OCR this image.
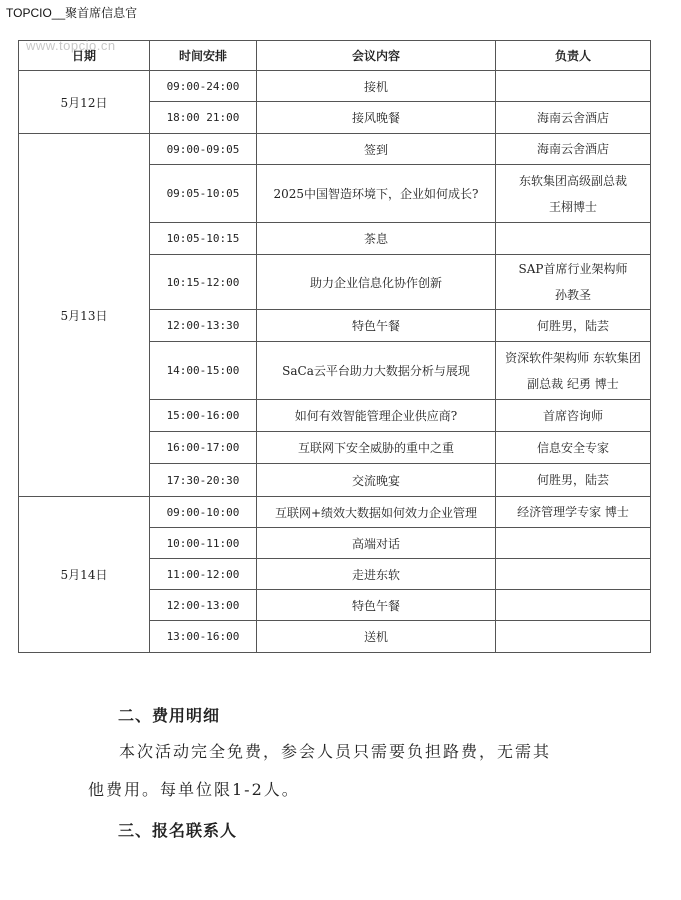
TOPCIO__聚首席信息官
www.topcio.cn
日期	时间安排	会议内容	负责人
5月12日	09:00-24:00	接机	
	18:00 21:00	接风晚餐	海南云舍酒店

5月13日	09:00-09:05	签到	海南云舍酒店

	09:05-10:05	2025中国智造环境下，企业如何成长?	东软集团高级副总裁
王栩博士

	10:05-10:15	茶息	
	10:15-12:00	助力企业信息化协作创新	SAP首席行业架构师
孙教圣

	12:00-13:30	特色午餐	何胜男，陆芸

	14:00-15:00	SaCa云平台助力大数据分析与展现	资深软件架构师 东软集团
副总裁 纪勇 博士

	15:00-16:00	如何有效智能管理企业供应商?	首席咨询师

	16:00-17:00	互联网下安全威胁的重中之重	信息安全专家

	17:30-20:30	交流晚宴	何胜男，陆芸

5月14日	09:00-10:00	互联网+绩效大数据如何效力企业管理	经济管理学专家 博士

	10:00-11:00	高端对话	
	11:00-12:00	走进东软	
	12:00-13:00	特色午餐	
	13:00-16:00	送机	
二、费用明细
本次活动完全免费，参会人员只需要负担路费，无需其
他费用。每单位限1-2人。
三、报名联系人
